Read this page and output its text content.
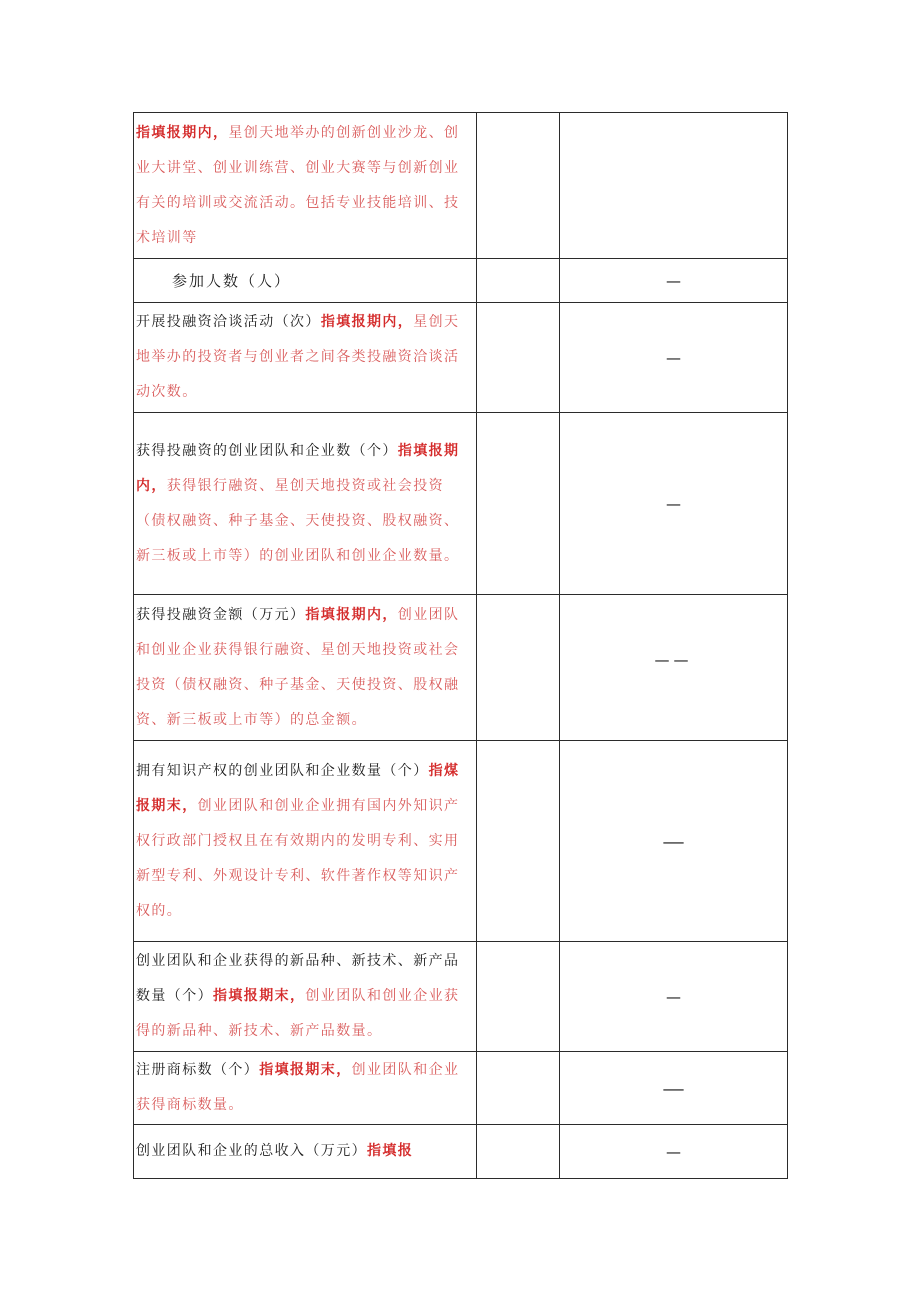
指填报期内，星创天地举办的创新创业沙龙、创业大讲堂、创业训练营、创业大赛等与创新创业有关的培训或交流活动。包括专业技能培训、技术培训等		

参加人数（人）		—

开展投融资洽谈活动（次）指填报期内，星创天地举办的投资者与创业者之间各类投融资洽谈活动次数。		—

获得投融资的创业团队和企业数（个）指填报期内，获得银行融资、星创天地投资或社会投资（债权融资、种子基金、天使投资、股权融资、新三板或上市等）的创业团队和创业企业数量。		—

获得投融资金额（万元）指填报期内，创业团队和创业企业获得银行融资、星创天地投资或社会投资（债权融资、种子基金、天使投资、股权融资、新三板或上市等）的总金额。		——

拥有知识产权的创业团队和企业数量（个）指煤报期末，创业团队和创业企业拥有国内外知识产权行政部门授权且在有效期内的发明专利、实用新型专利、外观设计专利、软件著作权等知识产权的。		—

创业团队和企业获得的新品种、新技术、新产品数量（个）指填报期末，创业团队和创业企业获得的新品种、新技术、新产品数量。		—

注册商标数（个）指填报期末，创业团队和企业获得商标数量。		—

创业团队和企业的总收入（万元）指填报		—
